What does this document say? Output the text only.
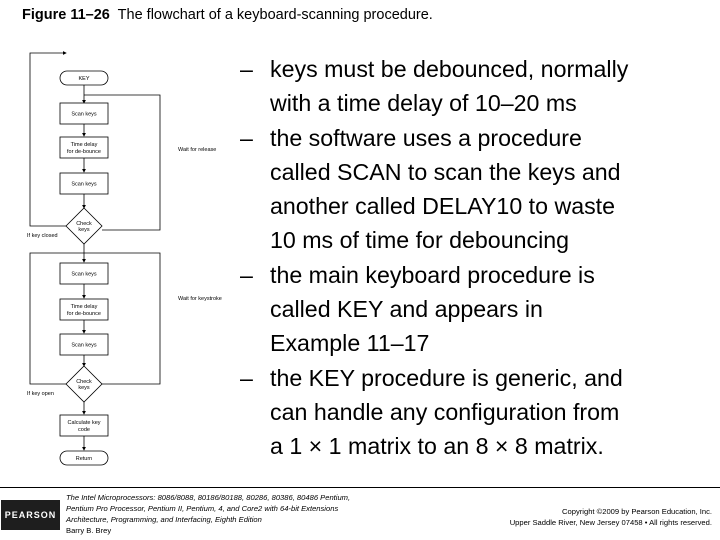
Figure 11–26 The flowchart of a keyboard-scanning procedure.
KEY
Scan keys
Time delay
for de-bounce
Scan keys
Check
keys
Scan keys
Time delay
for de-bounce
Scan keys
Check
keys
Calculate key
code
Return
Wait for release
Wait for keystroke
If key closed
If key open
– keys must be debounced, normally
with a time delay of 10–20 ms
– the software uses a procedure
called SCAN to scan the keys and
another called DELAY10 to waste
10 ms of time for debouncing
– the main keyboard procedure is
called KEY and appears in
Example 11–17
– the KEY procedure is generic, and
can handle any configuration from
a 1 × 1 matrix to an 8 × 8 matrix.
PEARSON
The Intel Microprocessors: 8086/8088, 80186/80188, 80286, 80386, 80486 Pentium,
Pentium Pro Processor, Pentium II, Pentium, 4, and Core2 with 64-bit Extensions
Architecture, Programming, and Interfacing, Eighth Edition
Barry B. Brey
Copyright ©2009 by Pearson Education, Inc.
Upper Saddle River, New Jersey 07458 • All rights reserved.
